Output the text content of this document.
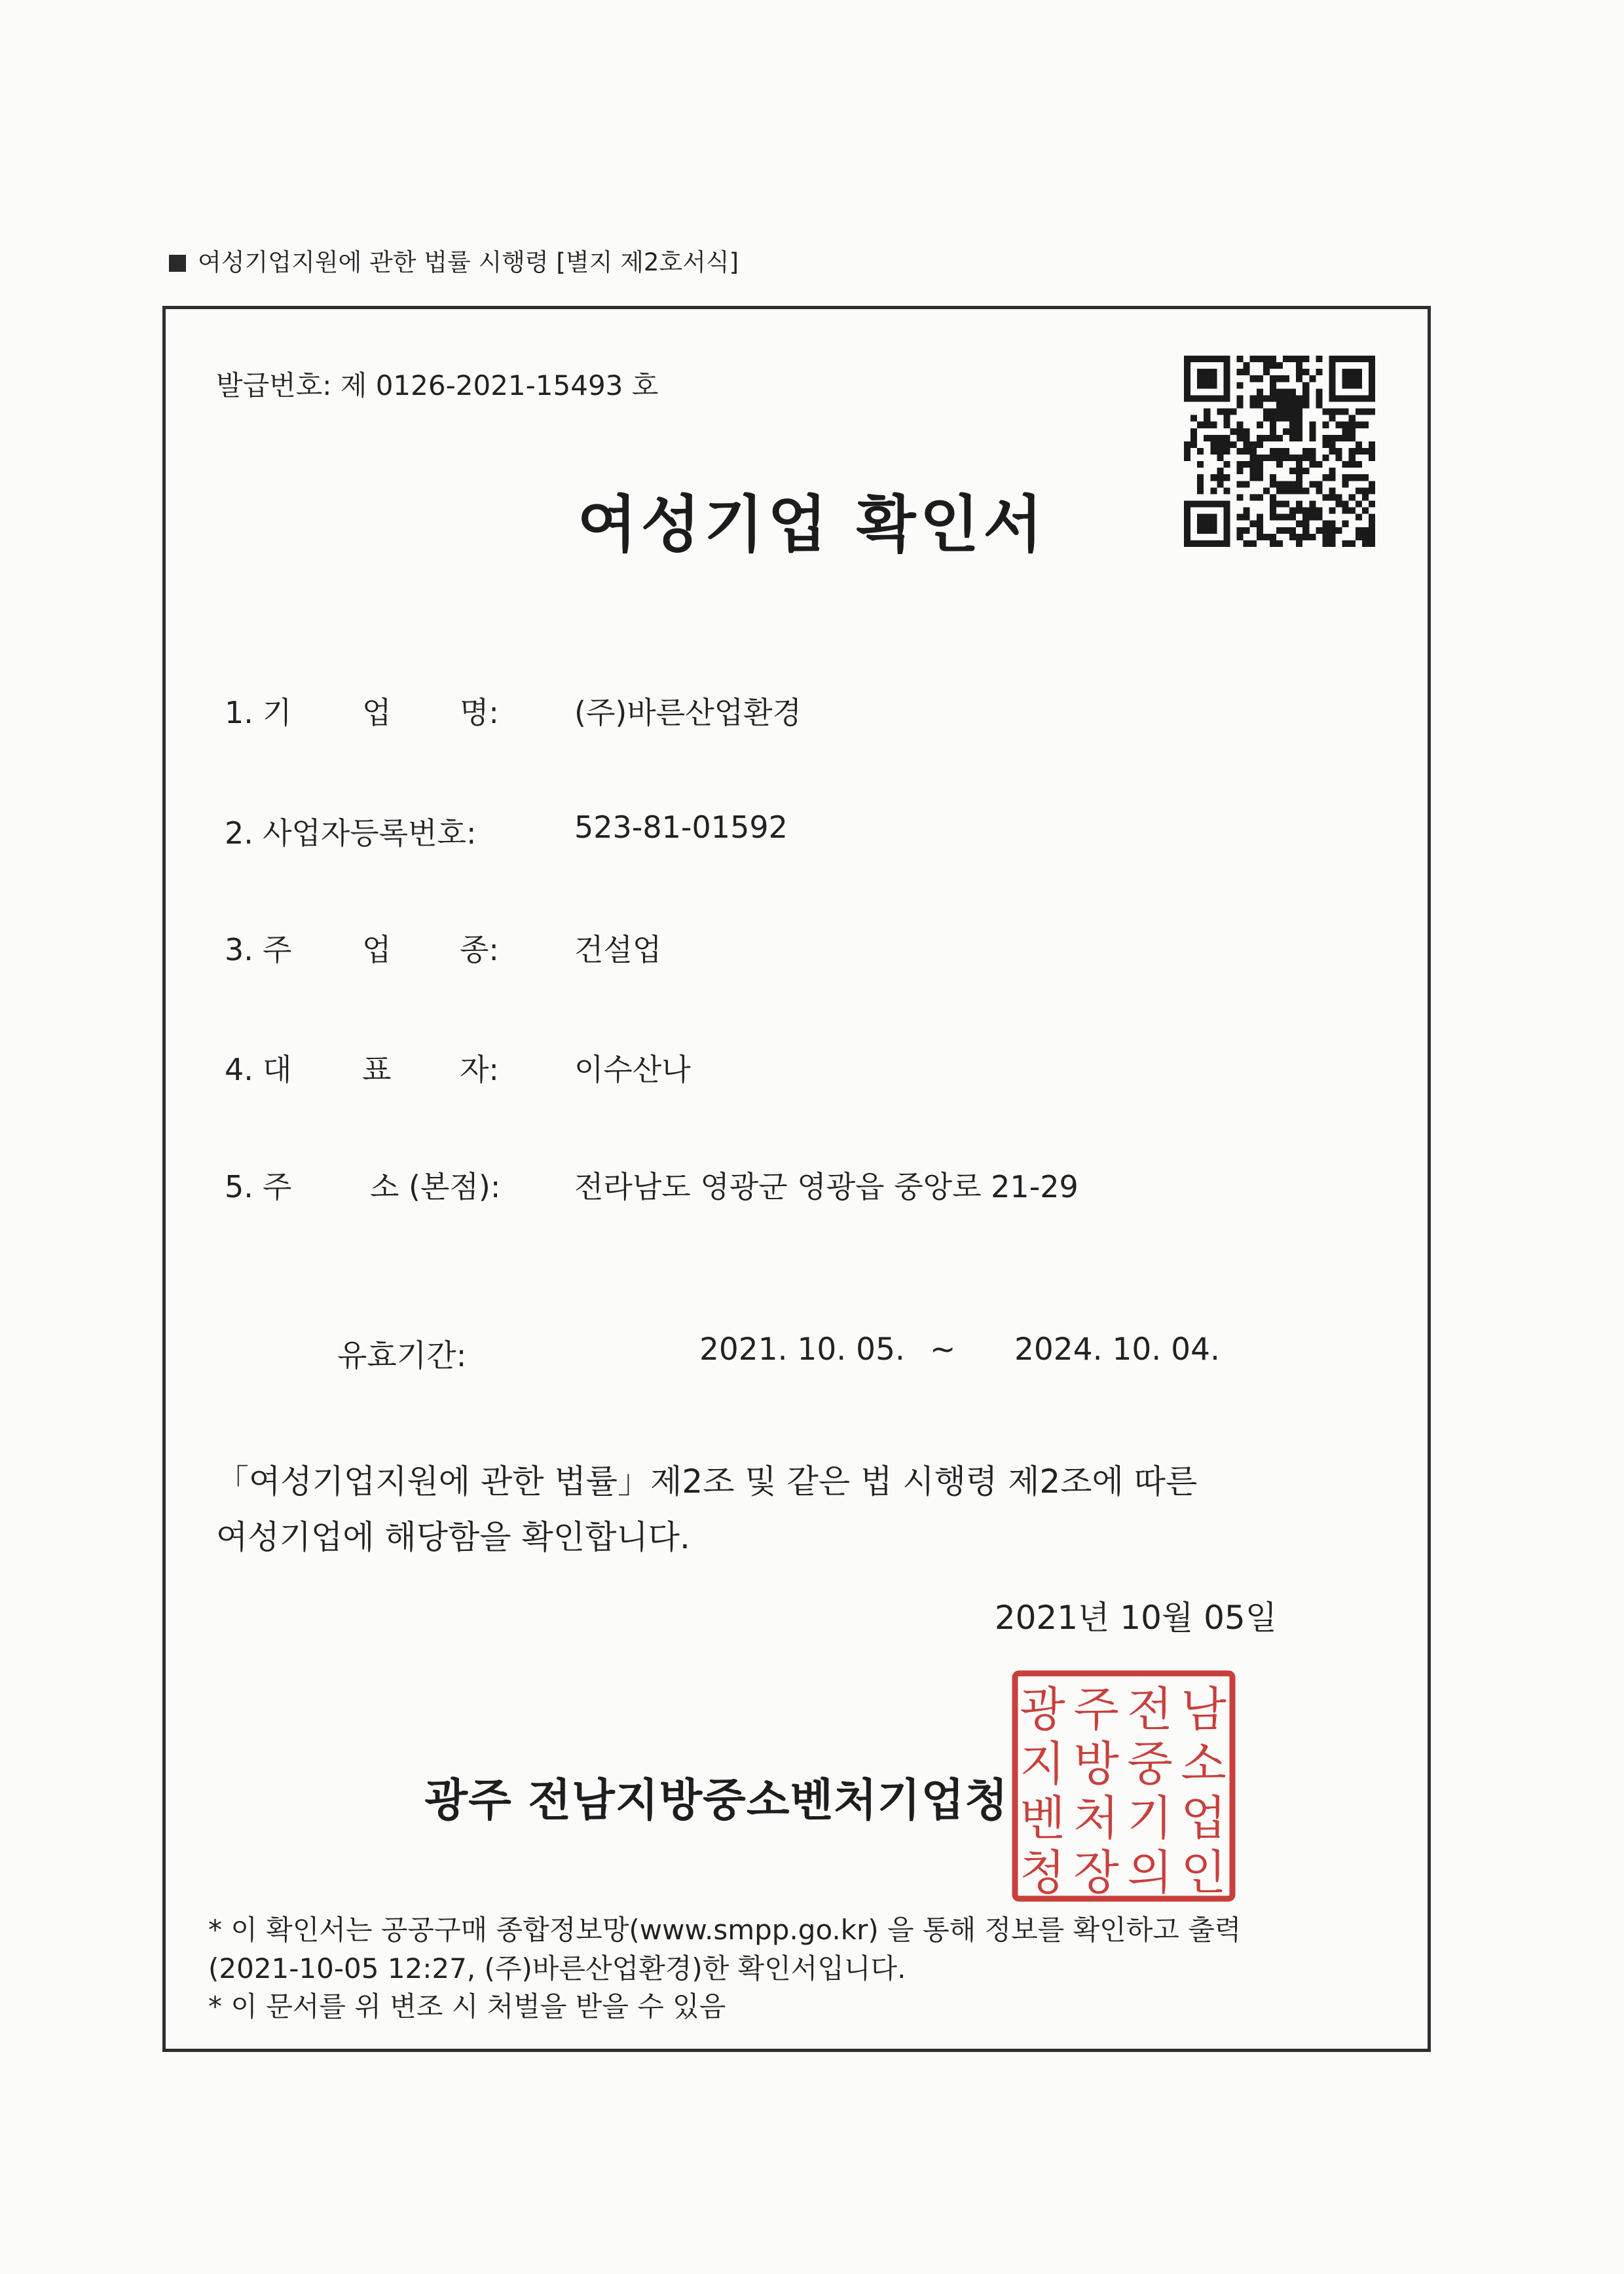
여성기업지원에 관한 법률 시행령 [별지 제2호서식]
발급번호: 제 0126-2021-15493 호
여성기업 확인서
1. 기 업 명:	(주)바른산업환경
2. 사업자등록번호:	523-81-01592
3. 주 업 종:	건설업
4. 대 표 자:	이수산나
5. 주	소 (본점): 전라남도 영광군 영광읍 중앙로 21-29
유효기간:	2021. 10. 05. ~ 2024. 10. 04.
「여성기업지원에 관한 법률」제2조 및 같은 법 시행령 제2조에 따른
여성기업에 해당함을 확인합니다.
2021년 10월 05일
광주 전남지방중소벤처기업청
광 주 전 남
지 방 중 소
벤 처 기 업
청 장 의 인
* 이 확인서는 공공구매 종합정보망(www.smpp.go.kr) 을 통해 정보를 확인하고 출력
(2021-10-05 12:27, (주)바른산업환경)한 확인서입니다.
* 이 문서를 위 변조 시 처벌을 받을 수 있음
